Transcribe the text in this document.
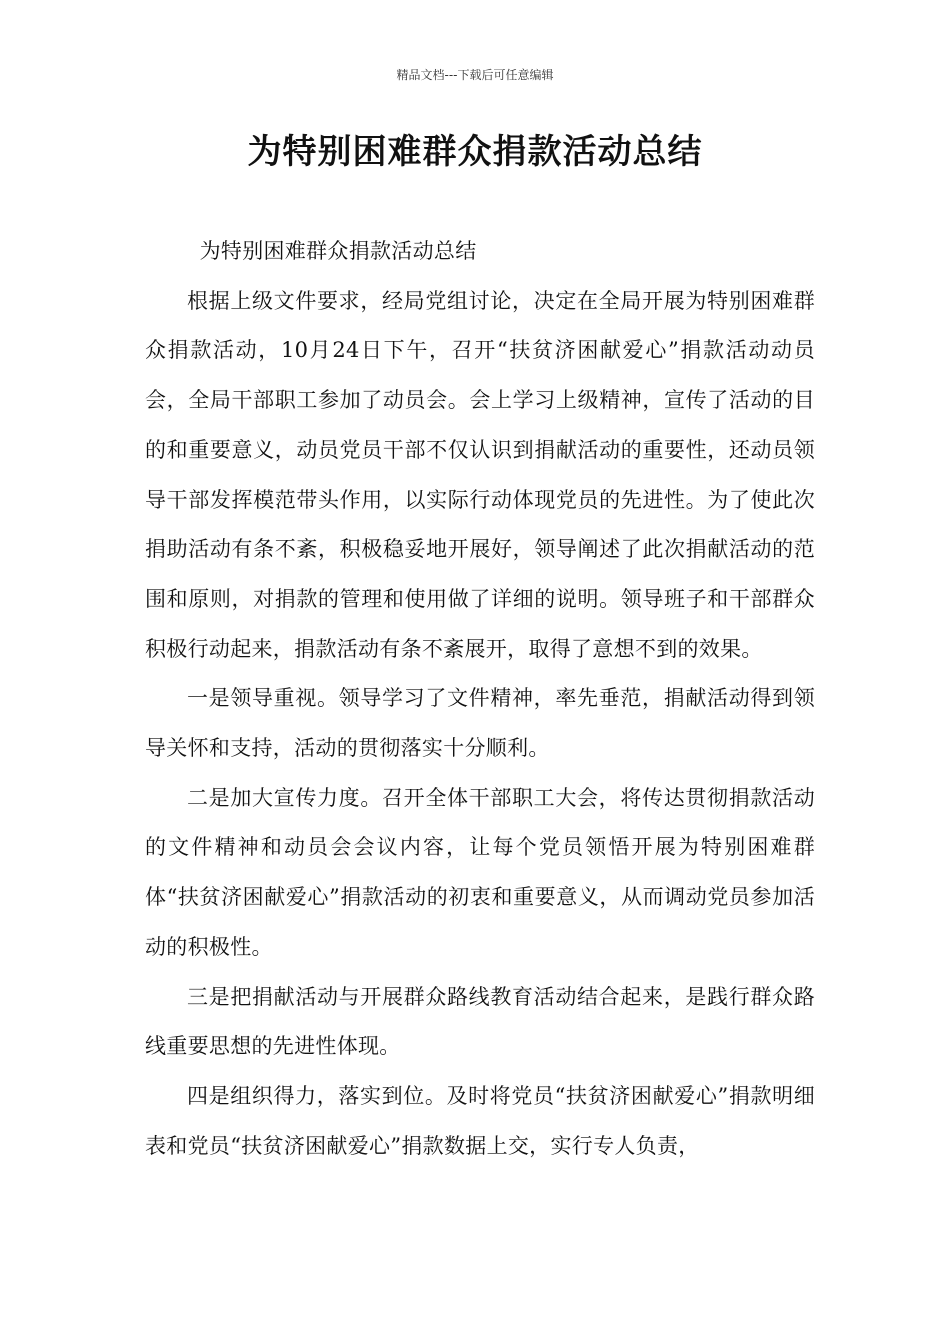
精品文档---下载后可任意编辑
为特别困难群众捐款活动总结

为特别困难群众捐款活动总结

根据上级文件要求，经局党组讨论，决定在全局开展为特别困难群众捐款活动，10月24日下午，召开“扶贫济困献爱心”捐款活动动员会，全局干部职工参加了动员会。会上学习上级精神，宣传了活动的目的和重要意义，动员党员干部不仅认识到捐献活动的重要性，还动员领导干部发挥模范带头作用，以实际行动体现党员的先进性。为了使此次捐助活动有条不紊，积极稳妥地开展好，领导阐述了此次捐献活动的范围和原则，对捐款的管理和使用做了详细的说明。领导班子和干部群众积极行动起来，捐款活动有条不紊展开，取得了意想不到的效果。

一是领导重视。领导学习了文件精神，率先垂范，捐献活动得到领导关怀和支持，活动的贯彻落实十分顺利。

二是加大宣传力度。召开全体干部职工大会，将传达贯彻捐款活动的文件精神和动员会会议内容，让每个党员领悟开展为特别困难群体“扶贫济困献爱心”捐款活动的初衷和重要意义，从而调动党员参加活动的积极性。

三是把捐献活动与开展群众路线教育活动结合起来，是践行群众路线重要思想的先进性体现。

四是组织得力，落实到位。及时将党员“扶贫济困献爱心”捐款明细表和党员“扶贫济困献爱心”捐款数据上交，实行专人负责，
